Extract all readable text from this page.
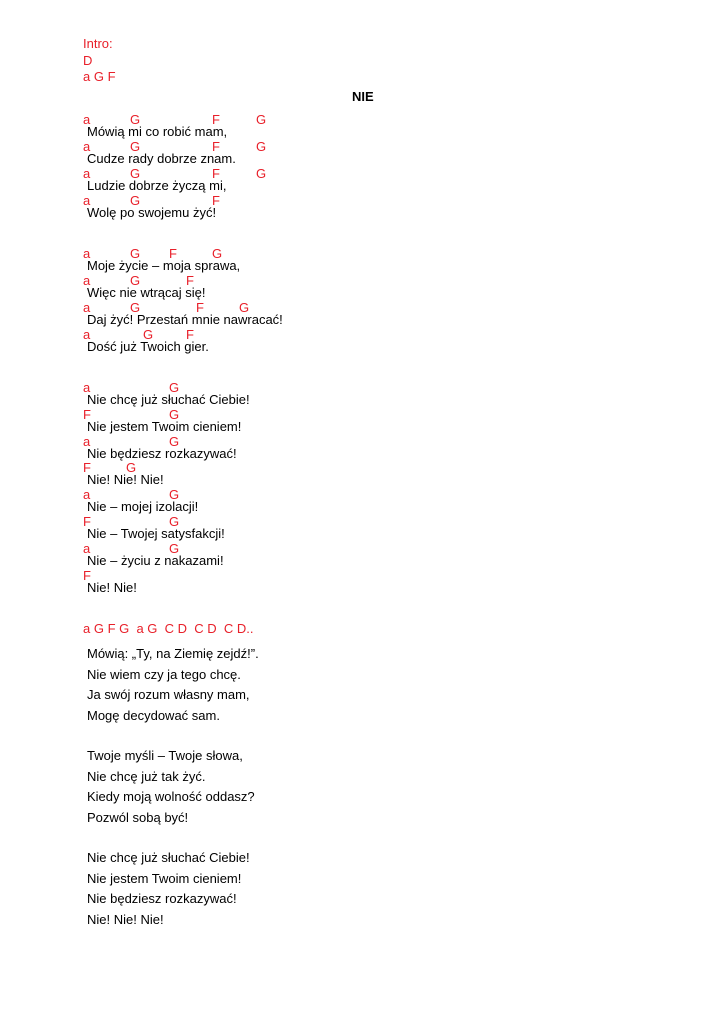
Intro:
D
a G F
NIE
a	G	F	G
Mówią mi co robić mam,
a	G	F	G
Cudze rady dobrze znam.
a	G	F	G
Ludzie dobrze życzą mi,
a	G	F
Wolę po swojemu żyć!
a	G F	G
Moje życie – moja sprawa,
a	G	F
Więc nie wtrącaj się!
a	G	F	G
Daj żyć! Przestań mnie nawracać!
a	G	F
Dość już Twoich gier.
a	G
Nie chcę już słuchać Ciebie!
F	G
Nie jestem Twoim cieniem!
a	G
Nie będziesz rozkazywać!
F	G
Nie! Nie! Nie!
a	G
Nie – mojej izolacji!
F	G
Nie – Twojej satysfakcji!
a	G
Nie – życiu z nakazami!
F
Nie! Nie!
a G F G  a G  C D  C D  C D..
Mówią: „Ty, na Ziemię zejdź!”.
Nie wiem czy ja tego chcę.
Ja swój rozum własny mam,
Mogę decydować sam.
Twoje myśli – Twoje słowa,
Nie chcę już tak żyć.
Kiedy moją wolność oddasz?
Pozwól sobą być!
Nie chcę już słuchać Ciebie!
Nie jestem Twoim cieniem!
Nie będziesz rozkazywać!
Nie! Nie! Nie!
